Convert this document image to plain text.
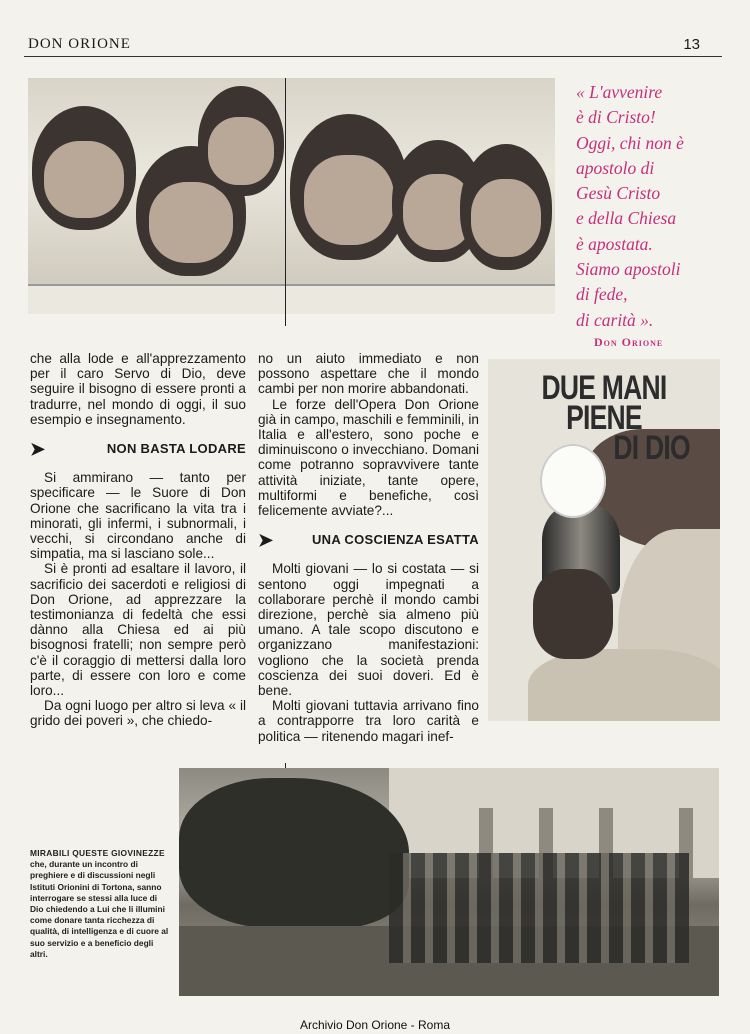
DON ORIONE	13
« L'avvenire
è di Cristo!
Oggi, chi non è
apostolo di
Gesù Cristo
e della Chiesa
è apostata.
Siamo apostoli
di fede,
di carità ».
Don Orione

che alla lode e all'apprezzamento per il caro Servo di Dio, deve seguire il bisogno di essere pronti a tradurre, nel mondo di oggi, il suo esempio e insegnamento.

➤	NON BASTA LODARE

Si ammirano — tanto per specificare — le Suore di Don Orione che sacrificano la vita tra i minorati, gli infermi, i subnormali, i vecchi, si circondano anche di simpatia, ma si lasciano sole...

Si è pronti ad esaltare il lavoro, il sacrificio dei sacerdoti e religiosi di Don Orione, ad apprezzare la testimonianza di fedeltà che essi dànno alla Chiesa ed ai più bisognosi fratelli; non sempre però c'è il coraggio di mettersi dalla loro parte, di essere con loro e come loro...

Da ogni luogo per altro si leva « il grido dei poveri », che chiedo-

no un aiuto immediato e non possono aspettare che il mondo cambi per non morire abbandonati.

Le forze dell'Opera Don Orione già in campo, maschili e femminili, in Italia e all'estero, sono poche e diminuiscono o invecchiano. Domani come potranno sopravvivere tante attività iniziate, tante opere, multiformi e benefiche, così felicemente avviate?...

➤	UNA COSCIENZA ESATTA

Molti giovani — lo si costata — si sentono oggi impegnati a collaborare perchè il mondo cambi direzione, perchè sia almeno più umano. A tale scopo discutono e organizzano manifestazioni: vogliono che la società prenda coscienza dei suoi doveri. Ed è bene.

Molti giovani tuttavia arrivano fino a contrapporre tra loro carità e politica — ritenendo magari inef-

DUE MANI PIENE
DI DIO
MIRABILI QUESTE GIOVINEZZE che, durante un incontro di preghiere e di discussioni negli Istituti Orionini di Tortona, sanno interrogare se stessi alla luce di Dio chiedendo a Lui che li illumini come donare tanta ricchezza di qualità, di intelligenza e di cuore al suo servizio e a beneficio degli altri.
Archivio Don Orione - Roma
